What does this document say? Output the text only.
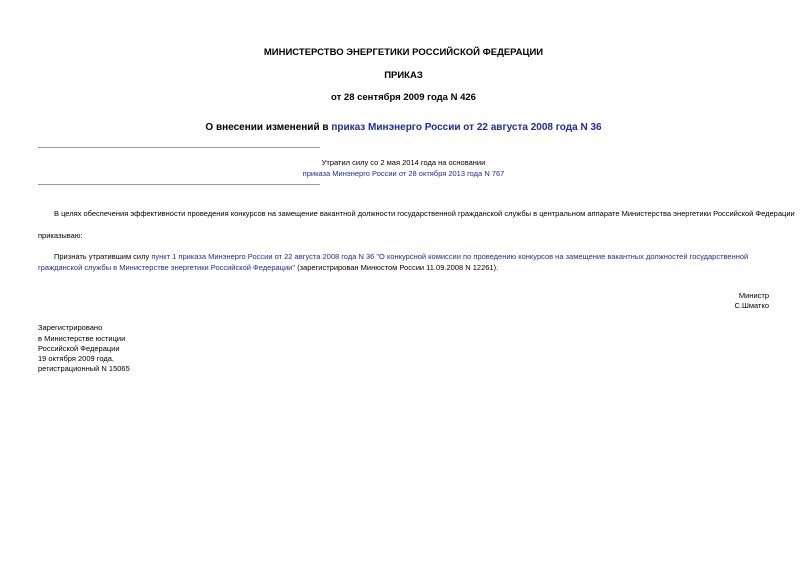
МИНИСТЕРСТВО ЭНЕРГЕТИКИ РОССИЙСКОЙ ФЕДЕРАЦИИ
ПРИКАЗ
от 28 сентября 2009 года N 426
О внесении изменений в приказ Минэнерго России от 22 августа 2008 года N 36
Утратил силу со 2 мая 2014 года на основании
приказа Минэнерго России от 28 октября 2013 года N 767
В целях обеспечения эффективности проведения конкурсов на замещение вакантной должности государственной гражданской службы в центральном аппарате Министерства энергетики Российской Федерации
приказываю:
Признать утратившим силу пункт 1 приказа Минэнерго России от 22 августа 2008 года N 36 "О конкурсной комиссии по проведению конкурсов на замещение вакантных должностей государственной гражданской службы в Министерстве энергетики Российской Федерации" (зарегистрирован Минюстом России 11.09.2008 N 12261).
Министр
С.Шматко
Зарегистрировано
в Министерстве юстиции
Российской Федерации
19 октября 2009 года,
регистрационный N 15065
